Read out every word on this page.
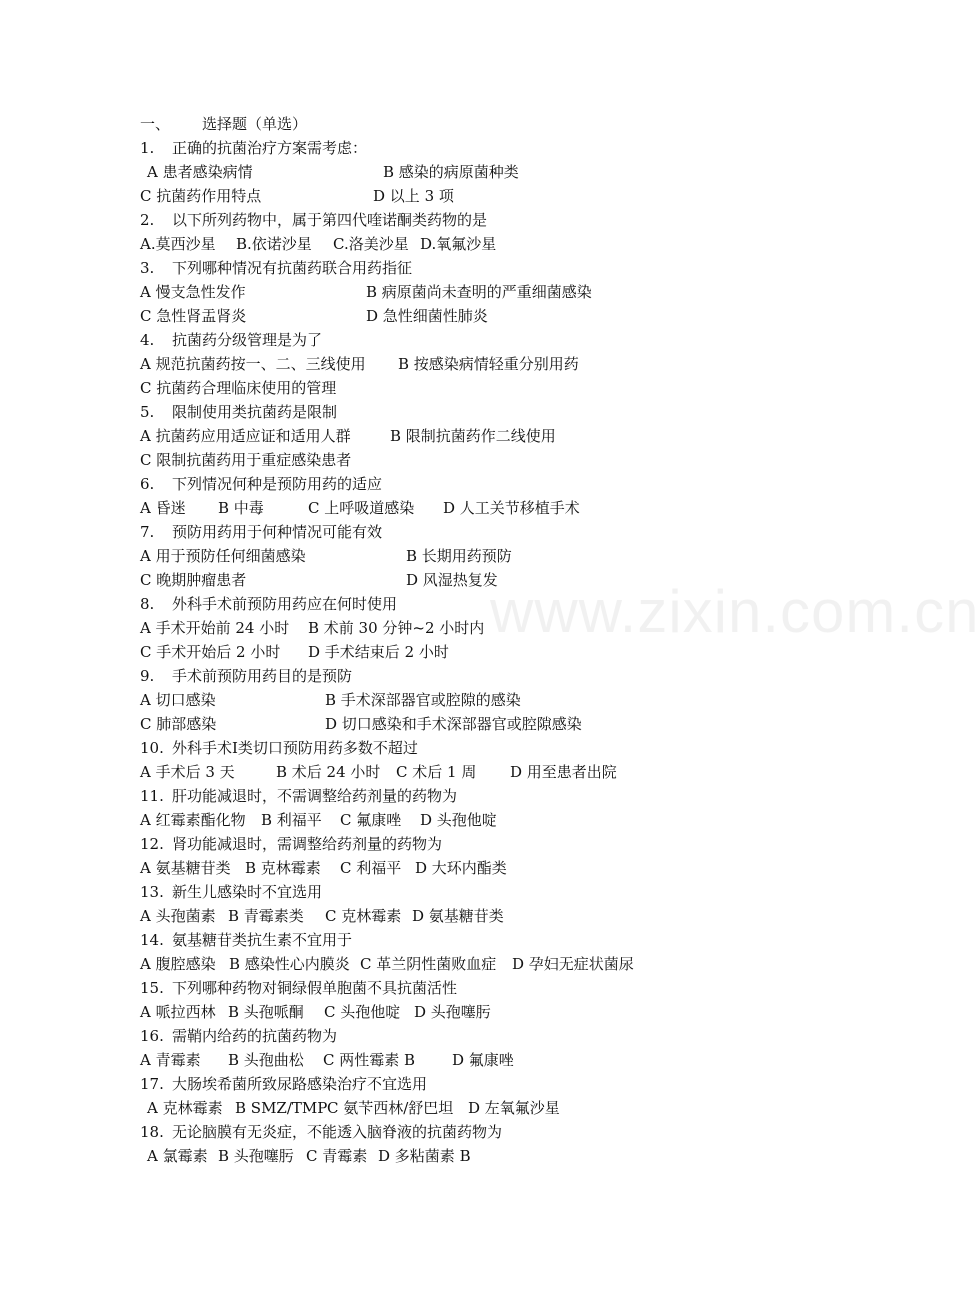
www.zixin.com.cn
一、 选择题（单选）
1. 正确的抗菌治疗方案需考虑：
A 患者感染病情	B 感染的病原菌种类
C 抗菌药作用特点	D 以上 3 项
2. 以下所列药物中，属于第四代喹诺酮类药物的是
A.莫西沙星 B.依诺沙星 C.洛美沙星 D.氧氟沙星
3. 下列哪种情况有抗菌药联合用药指征
A 慢支急性发作	B 病原菌尚未查明的严重细菌感染
C 急性肾盂肾炎	D 急性细菌性肺炎
4. 抗菌药分级管理是为了
A 规范抗菌药按一、二、三线使用 B 按感染病情轻重分别用药
C 抗菌药合理临床使用的管理
5. 限制使用类抗菌药是限制
A 抗菌药应用适应证和适用人群	B 限制抗菌药作二线使用
C 限制抗菌药用于重症感染患者
6. 下列情况何种是预防用药的适应
A 昏迷 B 中毒	C 上呼吸道感染 D 人工关节移植手术
7. 预防用药用于何种情况可能有效
A 用于预防任何细菌感染	B 长期用药预防
C 晚期肿瘤患者	D 风湿热复发
8. 外科手术前预防用药应在何时使用
A 手术开始前 24 小时 B 术前 30 分钟~2 小时内
C 手术开始后 2 小时 D 手术结束后 2 小时
9. 手术前预防用药目的是预防
A 切口感染	B 手术深部器官或腔隙的感染
C 肺部感染	D 切口感染和手术深部器官或腔隙感染
10. 外科手术Ⅰ类切口预防用药多数不超过
A 手术后 3 天	B 术后 24 小时 C 术后 1 周 D 用至患者出院
11. 肝功能减退时，不需调整给药剂量的药物为
A 红霉素酯化物 B 利福平 C 氟康唑 D 头孢他啶
12. 肾功能减退时，需调整给药剂量的药物为
A 氨基糖苷类 B 克林霉素 C 利福平 D 大环内酯类
13. 新生儿感染时不宜选用
A 头孢菌素 B 青霉素类 C 克林霉素 D 氨基糖苷类
14. 氨基糖苷类抗生素不宜用于
A 腹腔感染 B 感染性心内膜炎 C 革兰阴性菌败血症 D 孕妇无症状菌尿
15. 下列哪种药物对铜绿假单胞菌不具抗菌活性
A 哌拉西林 B 头孢哌酮 C 头孢他啶 D 头孢噻肟
16. 需鞘内给药的抗菌药物为
A 青霉素 B 头孢曲松 C 两性霉素 B D 氟康唑
17. 大肠埃希菌所致尿路感染治疗不宜选用
A 克林霉素 B SMZ/TMP C 氨苄西林/舒巴坦 D 左氧氟沙星
18. 无论脑膜有无炎症，不能透入脑脊液的抗菌药物为
A 氯霉素 B 头孢噻肟 C 青霉素 D 多粘菌素 B
